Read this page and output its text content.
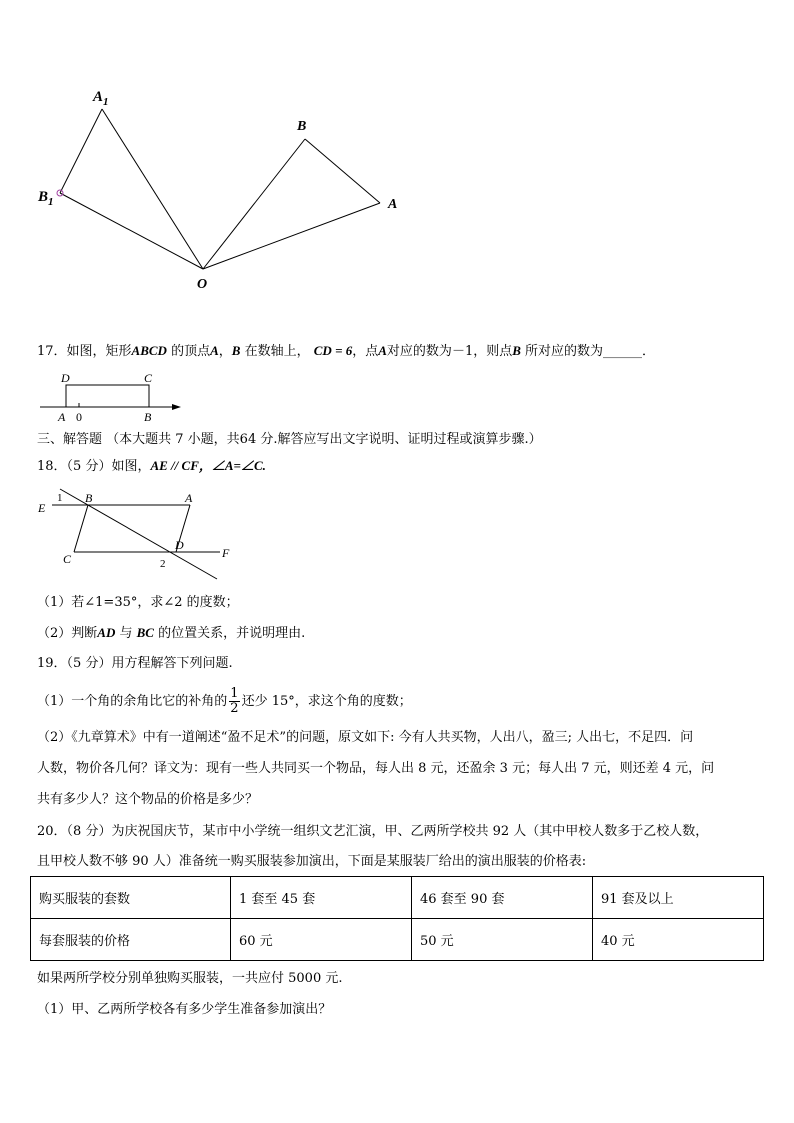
$A_1$
$B_1$
B
A
O
17．如图，矩形ABCD 的顶点A，B 在数轴上， CD = 6，点A对应的数为－1，则点B 所对应的数为______．
D	C
A 0	B
三、解答题 （本大题共 7 小题，共64 分.解答应写出文字说明、证明过程或演算步骤.）
18．（5 分）如图，AE // CF，∠A=∠C.
1 B	A
E
C
D
F
2
（1）若∠1=35°，求∠2 的度数；
（2）判断AD 与 BC 的位置关系，并说明理由.
19．（5 分）用方程解答下列问题.
（1）一个角的余角比它的补角的 $\frac{1}{2}$ 还少 15°，求这个角的度数；
（2）《九章算术》中有一道阐述“盈不足术”的问题，原文如下: 今有人共买物，人出八，盈三; 人出七，不足四．问
人数，物价各几何？译文为：现有一些人共同买一个物品，每人出 8 元，还盈余 3 元；每人出 7 元，则还差 4 元，问
共有多少人？这个物品的价格是多少？
20．（8 分）为庆祝国庆节，某市中小学统一组织文艺汇演，甲、乙两所学校共 92 人（其中甲校人数多于乙校人数，
且甲校人数不够 90 人）准备统一购买服装参加演出，下面是某服装厂给出的演出服装的价格表:
购买服装的套数	1 套至 45 套	46 套至 90 套	91 套及以上
每套服装的价格	60 元	50 元	40 元
如果两所学校分别单独购买服装，一共应付 5000 元.
（1）甲、乙两所学校各有多少学生准备参加演出？
